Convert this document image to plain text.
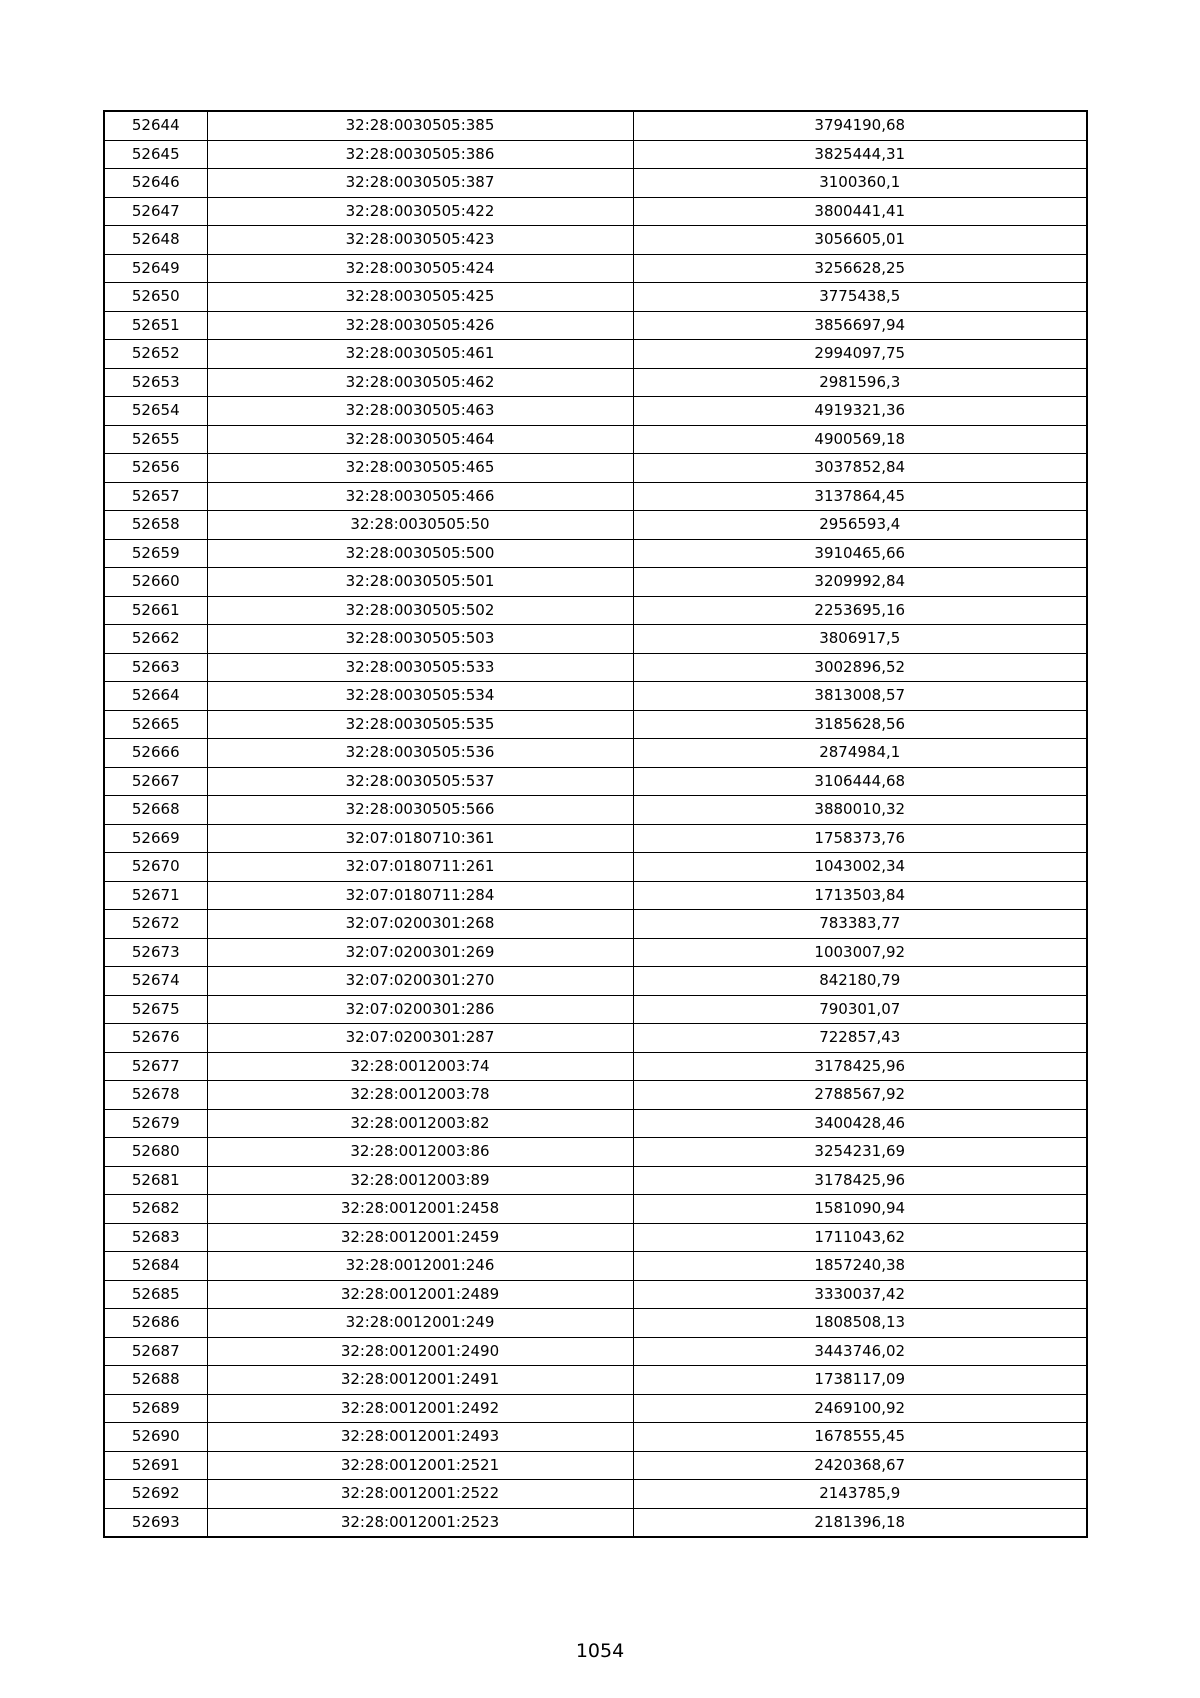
52644	32:28:0030505:385	3794190,68
52645	32:28:0030505:386	3825444,31
52646	32:28:0030505:387	3100360,1
52647	32:28:0030505:422	3800441,41
52648	32:28:0030505:423	3056605,01
52649	32:28:0030505:424	3256628,25
52650	32:28:0030505:425	3775438,5
52651	32:28:0030505:426	3856697,94
52652	32:28:0030505:461	2994097,75
52653	32:28:0030505:462	2981596,3
52654	32:28:0030505:463	4919321,36
52655	32:28:0030505:464	4900569,18
52656	32:28:0030505:465	3037852,84
52657	32:28:0030505:466	3137864,45
52658	32:28:0030505:50	2956593,4
52659	32:28:0030505:500	3910465,66
52660	32:28:0030505:501	3209992,84
52661	32:28:0030505:502	2253695,16
52662	32:28:0030505:503	3806917,5
52663	32:28:0030505:533	3002896,52
52664	32:28:0030505:534	3813008,57
52665	32:28:0030505:535	3185628,56
52666	32:28:0030505:536	2874984,1
52667	32:28:0030505:537	3106444,68
52668	32:28:0030505:566	3880010,32
52669	32:07:0180710:361	1758373,76
52670	32:07:0180711:261	1043002,34
52671	32:07:0180711:284	1713503,84
52672	32:07:0200301:268	783383,77
52673	32:07:0200301:269	1003007,92
52674	32:07:0200301:270	842180,79
52675	32:07:0200301:286	790301,07
52676	32:07:0200301:287	722857,43
52677	32:28:0012003:74	3178425,96
52678	32:28:0012003:78	2788567,92
52679	32:28:0012003:82	3400428,46
52680	32:28:0012003:86	3254231,69
52681	32:28:0012003:89	3178425,96
52682	32:28:0012001:2458	1581090,94
52683	32:28:0012001:2459	1711043,62
52684	32:28:0012001:246	1857240,38
52685	32:28:0012001:2489	3330037,42
52686	32:28:0012001:249	1808508,13
52687	32:28:0012001:2490	3443746,02
52688	32:28:0012001:2491	1738117,09
52689	32:28:0012001:2492	2469100,92
52690	32:28:0012001:2493	1678555,45
52691	32:28:0012001:2521	2420368,67
52692	32:28:0012001:2522	2143785,9
52693	32:28:0012001:2523	2181396,18
1054
